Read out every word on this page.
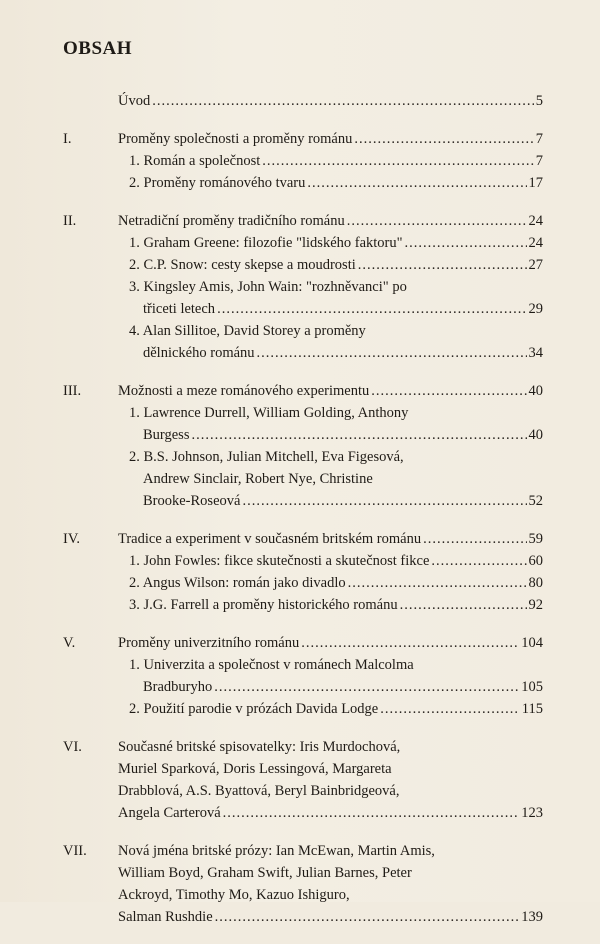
OBSAH
Úvod .....	5
I.	Proměny společnosti a proměny románu .....	7
1. Román a společnost .....	7
2. Proměny románového tvaru .....	17
II.	Netradiční proměny tradičního románu .....	24
1. Graham Greene: filozofie "lidského faktoru" .....	24
2. C.P. Snow: cesty skepse a moudrosti .....	27
3. Kingsley Amis, John Wain: "rozhněvanci" po
třiceti letech .....	29
4. Alan Sillitoe, David Storey a proměny
dělnického románu .....	34
III.	Možnosti a meze románového experimentu .....	40
1. Lawrence Durrell, William Golding, Anthony
Burgess .....	40
2. B.S. Johnson, Julian Mitchell, Eva Figesová,
Andrew Sinclair, Robert Nye, Christine
Brooke-Roseová .....	52
IV.	Tradice a experiment v současném britském románu .....	59
1. John Fowles: fikce skutečnosti a skutečnost fikce .....	60
2. Angus Wilson: román jako divadlo .....	80
3. J.G. Farrell a proměny historického románu .....	92
V.	Proměny univerzitního románu .....	104
1. Univerzita a společnost v románech Malcolma
Bradburyho .....	105
2. Použití parodie v prózách Davida Lodge .....	115
VI. Současné britské spisovatelky: Iris Murdochová,
Muriel Sparková, Doris Lessingová, Margareta
Drabblová, A.S. Byattová, Beryl Bainbridgeová,
Angela Carterová .....	123
VII. Nová jména britské prózy: Ian McEwan, Martin Amis,
William Boyd, Graham Swift, Julian Barnes, Peter
Ackroyd, Timothy Mo, Kazuo Ishiguro,
Salman Rushdie .....	139
